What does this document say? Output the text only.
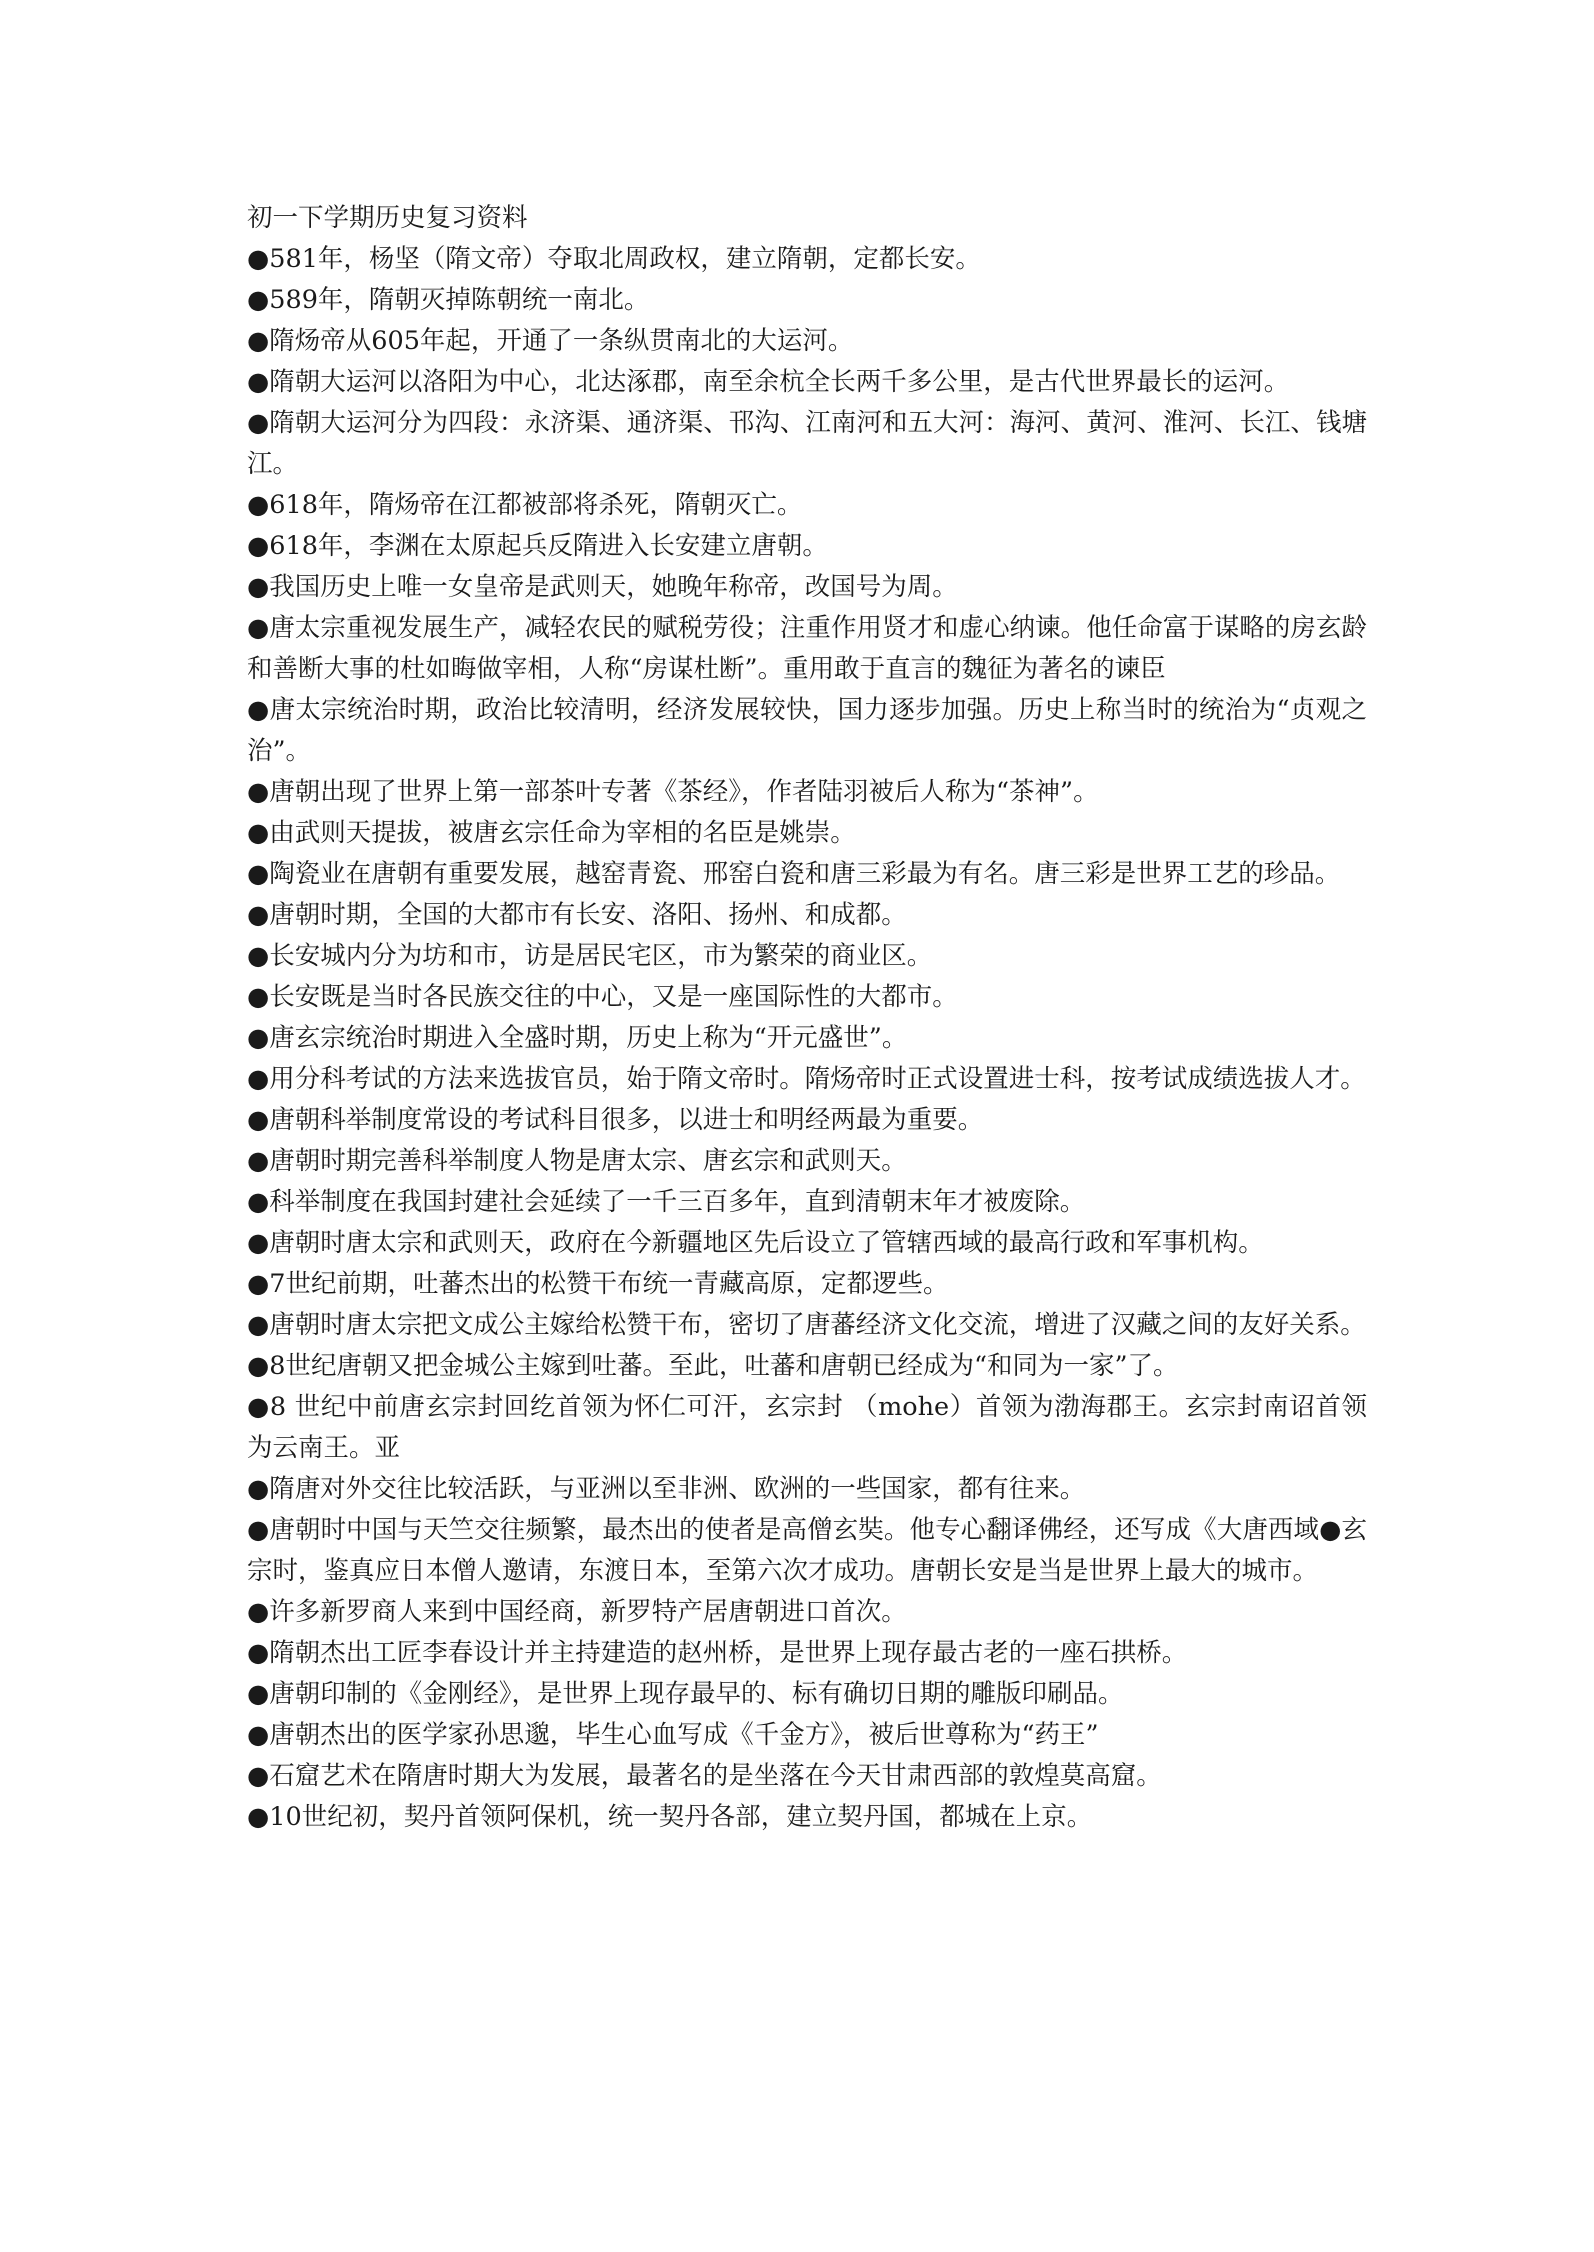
初一下学期历史复习资料

●581年，杨坚（隋文帝）夺取北周政权，建立隋朝，定都长安。

●589年，隋朝灭掉陈朝统一南北。

●隋炀帝从605年起，开通了一条纵贯南北的大运河。

●隋朝大运河以洛阳为中心，北达涿郡，南至余杭全长两千多公里，是古代世界最长的运河。

●隋朝大运河分为四段：永济渠、通济渠、邗沟、江南河和五大河：海河、黄河、淮河、长江、钱塘江。

●618年，隋炀帝在江都被部将杀死，隋朝灭亡。

●618年，李渊在太原起兵反隋进入长安建立唐朝。

●我国历史上唯一女皇帝是武则天，她晚年称帝，改国号为周。

●唐太宗重视发展生产，减轻农民的赋税劳役；注重作用贤才和虚心纳谏。他任命富于谋略的房玄龄和善断大事的杜如晦做宰相，人称“房谋杜断”。重用敢于直言的魏征为著名的谏臣

●唐太宗统治时期，政治比较清明，经济发展较快，国力逐步加强。历史上称当时的统治为“贞观之治”。

●唐朝出现了世界上第一部茶叶专著《茶经》，作者陆羽被后人称为“茶神”。

●由武则天提拔，被唐玄宗任命为宰相的名臣是姚崇。

●陶瓷业在唐朝有重要发展，越窑青瓷、邢窑白瓷和唐三彩最为有名。唐三彩是世界工艺的珍品。

●唐朝时期，全国的大都市有长安、洛阳、扬州、和成都。

●长安城内分为坊和市，访是居民宅区，市为繁荣的商业区。

●长安既是当时各民族交往的中心，又是一座国际性的大都市。

●唐玄宗统治时期进入全盛时期，历史上称为“开元盛世”。

●用分科考试的方法来选拔官员，始于隋文帝时。隋炀帝时正式设置进士科，按考试成绩选拔人才。

●唐朝科举制度常设的考试科目很多，以进士和明经两最为重要。

●唐朝时期完善科举制度人物是唐太宗、唐玄宗和武则天。

●科举制度在我国封建社会延续了一千三百多年，直到清朝末年才被废除。

●唐朝时唐太宗和武则天，政府在今新疆地区先后设立了管辖西域的最高行政和军事机构。

●7世纪前期，吐蕃杰出的松赞干布统一青藏高原，定都逻些。

●唐朝时唐太宗把文成公主嫁给松赞干布，密切了唐蕃经济文化交流，增进了汉藏之间的友好关系。

●8世纪唐朝又把金城公主嫁到吐蕃。至此，吐蕃和唐朝已经成为“和同为一家”了。

●8 世纪中前唐玄宗封回纥首领为怀仁可汗，玄宗封 （mohe）首领为渤海郡王。玄宗封南诏首领为云南王。亚

●隋唐对外交往比较活跃，与亚洲以至非洲、欧洲的一些国家，都有往来。

●唐朝时中国与天竺交往频繁，最杰出的使者是高僧玄奘。他专心翻译佛经，还写成《大唐西域●玄宗时，鉴真应日本僧人邀请，东渡日本，至第六次才成功。唐朝长安是当是世界上最大的城市。

●许多新罗商人来到中国经商，新罗特产居唐朝进口首次。

●隋朝杰出工匠李春设计并主持建造的赵州桥，是世界上现存最古老的一座石拱桥。

●唐朝印制的《金刚经》，是世界上现存最早的、标有确切日期的雕版印刷品。

●唐朝杰出的医学家孙思邈，毕生心血写成《千金方》，被后世尊称为“药王”

●石窟艺术在隋唐时期大为发展，最著名的是坐落在今天甘肃西部的敦煌莫高窟。

●10世纪初，契丹首领阿保机，统一契丹各部，建立契丹国，都城在上京。
